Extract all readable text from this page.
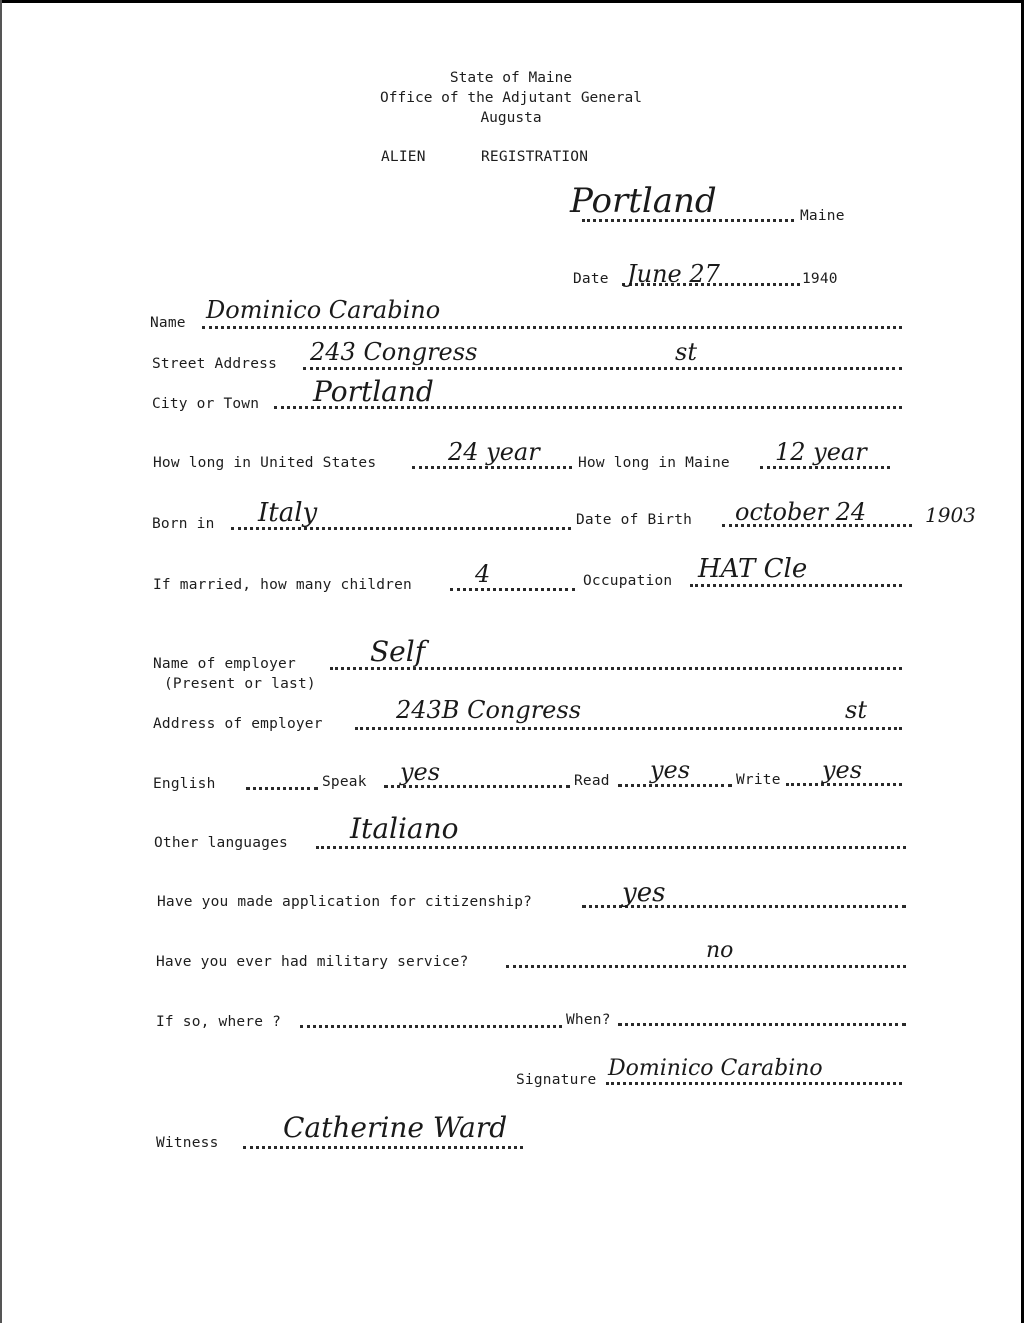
State of Maine
Office of the Adjutant General
Augusta
ALIEN	REGISTRATION
Portland	Maine
Date June 27	1940
Name Dominico Carabino
Street Address 243 Congress	st
City or Town Portland
How long in United States	24 year	How long in Maine 12 year
Born in Italy	Date of Birth october 24	1903
If married, how many children	4	Occupation HAT Cle
Name of employer
(Present or last)
Self
Address of employer	243B Congress	st
English	Speak yes	Read yes	Write yes
Other languages Italiano
Have you made application for citizenship?	yes
Have you ever had military service?	no
If so, where ?	When?
Signature Dominico Carabino
Witness Catherine Ward
